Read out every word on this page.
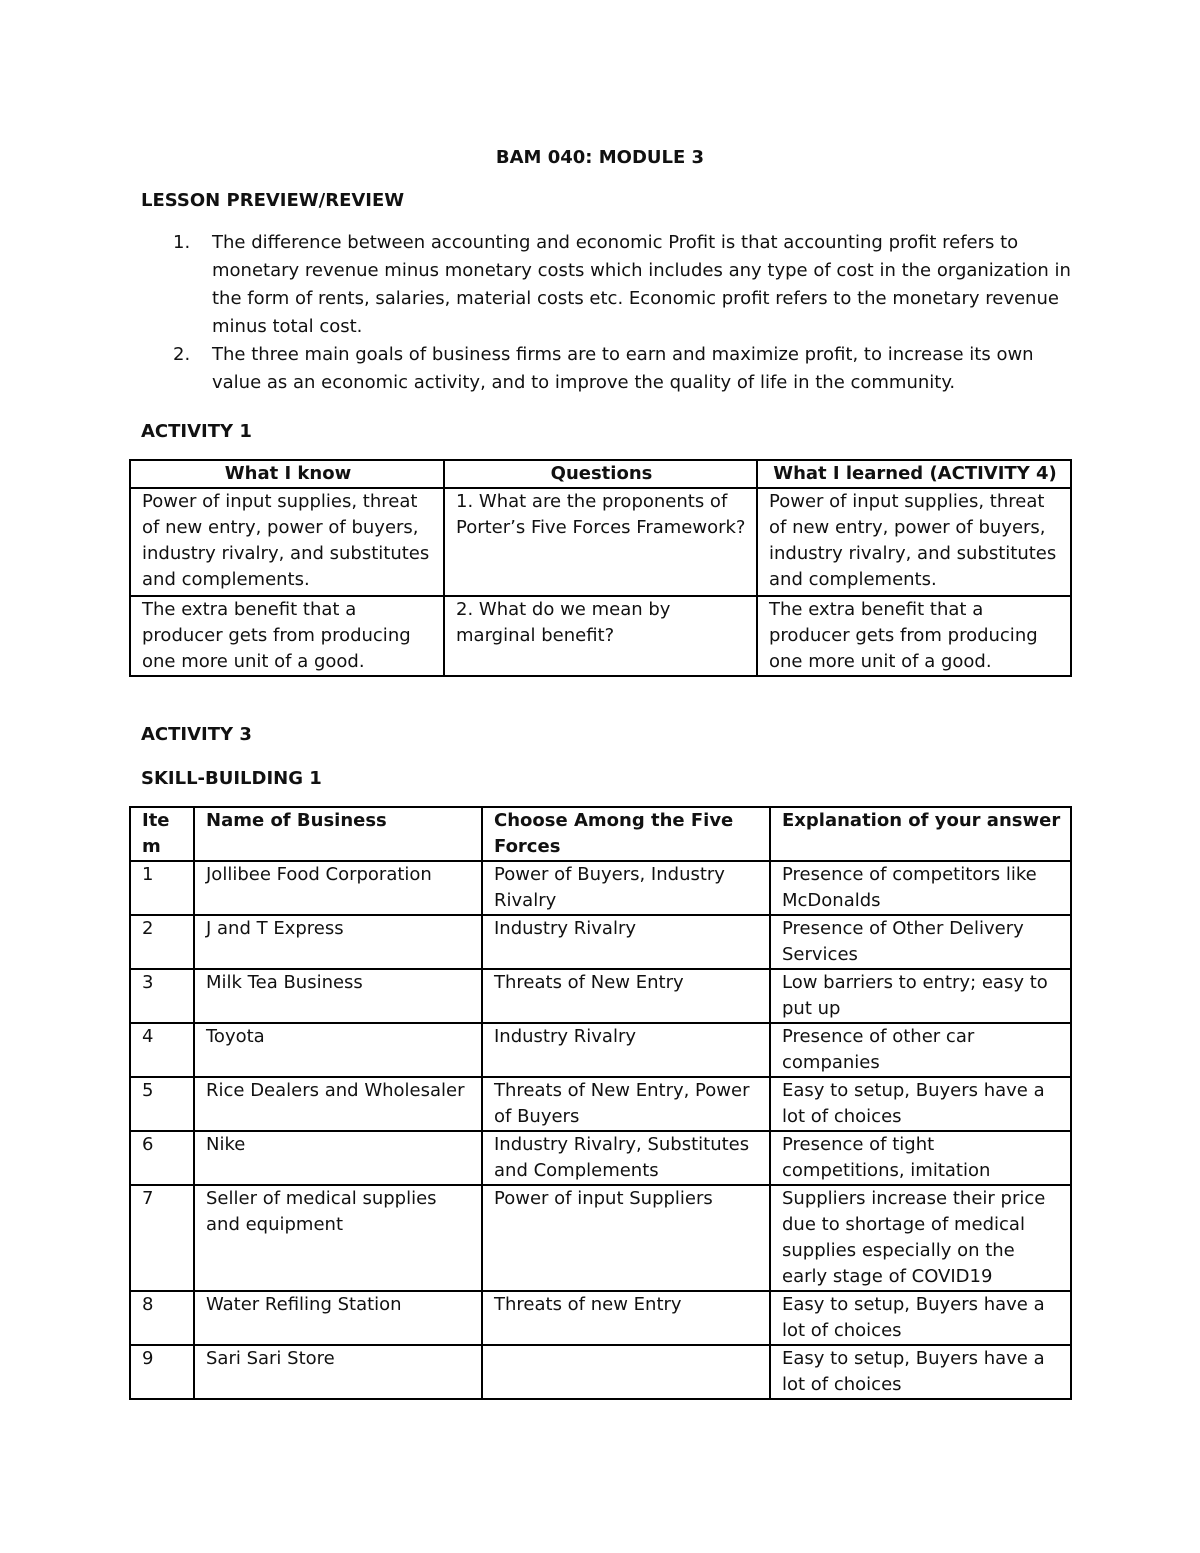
BAM 040: MODULE 3
LESSON PREVIEW/REVIEW
1. The difference between accounting and economic Profit is that accounting profit refers to monetary revenue minus monetary costs which includes any type of cost in the organization in the form of rents, salaries, material costs etc. Economic profit refers to the monetary revenue minus total cost.
2. The three main goals of business firms are to earn and maximize profit, to increase its own value as an economic activity, and to improve the quality of life in the community.
ACTIVITY 1
What I know	Questions	What I learned (ACTIVITY 4)
Power of input supplies, threat of new entry, power of buyers, industry rivalry, and substitutes and complements.	1. What are the proponents of Porter’s Five Forces Framework?	Power of input supplies, threat of new entry, power of buyers, industry rivalry, and substitutes and complements.
The extra benefit that a producer gets from producing one more unit of a good.	2. What do we mean by marginal benefit?	The extra benefit that a producer gets from producing one more unit of a good.
ACTIVITY 3
SKILL-BUILDING 1
Ite m	Name of Business	Choose Among the Five Forces	Explanation of your answer
1	Jollibee Food Corporation	Power of Buyers, Industry Rivalry	Presence of competitors like McDonalds
2	J and T Express	Industry Rivalry	Presence of Other Delivery Services
3	Milk Tea Business	Threats of New Entry	Low barriers to entry; easy to put up
4	Toyota	Industry Rivalry	Presence of other car companies
5	Rice Dealers and Wholesaler	Threats of New Entry, Power of Buyers	Easy to setup, Buyers have a lot of choices
6	Nike	Industry Rivalry, Substitutes and Complements	Presence of tight competitions, imitation
7	Seller of medical supplies and equipment	Power of input Suppliers	Suppliers increase their price due to shortage of medical supplies especially on the early stage of COVID19
8	Water Refiling Station	Threats of new Entry	Easy to setup, Buyers have a lot of choices
9	Sari Sari Store		Easy to setup, Buyers have a lot of choices
